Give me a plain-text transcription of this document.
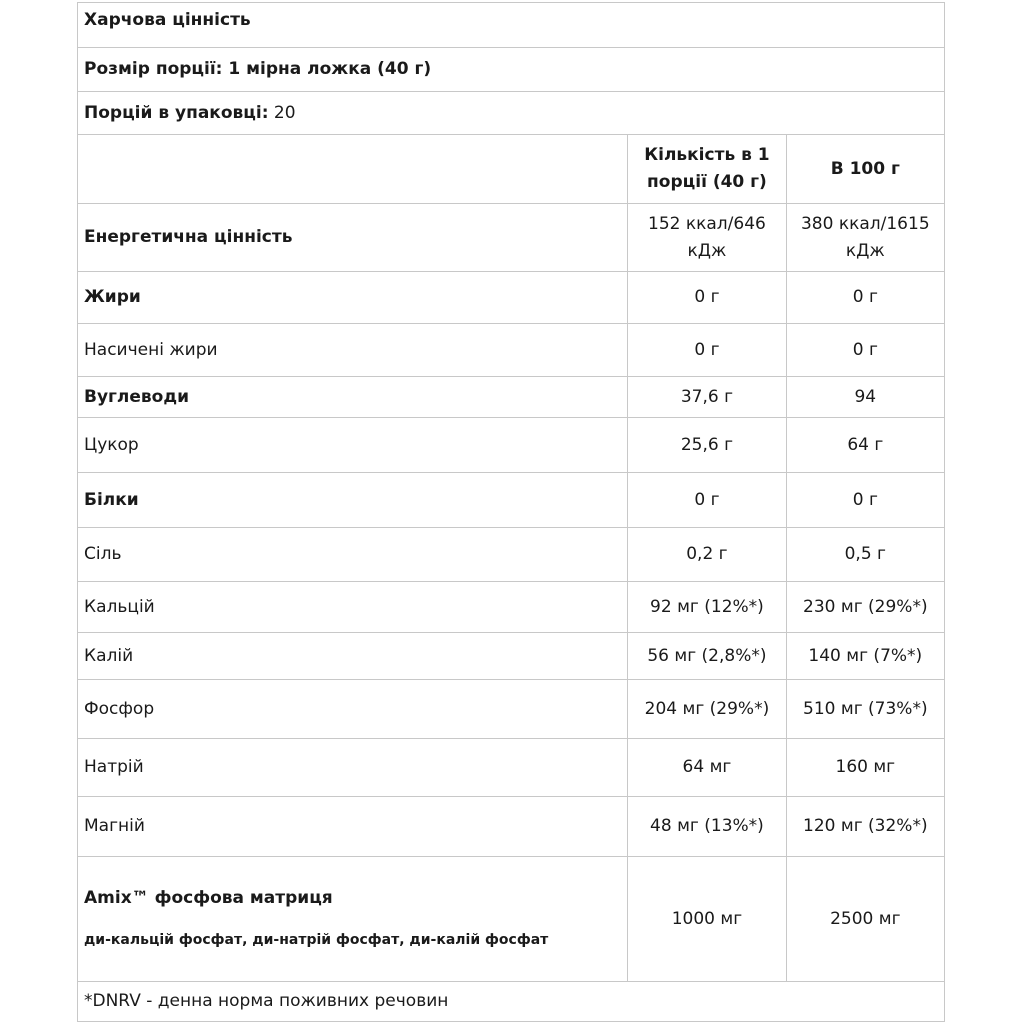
Харчова цінність		
Розмір порції: 1 мірна ложка (40 г)		
Порцій в упаковці: 20		
	Кількість в 1 порції (40 г)	В 100 г
Енергетична цінність	152 ккал/646 кДж	380 ккал/1615 кДж
Жири	0 г	0 г
Насичені жири	0 г	0 г
Вуглеводи	37,6 г	94
Цукор	25,6 г	64 г
Білки	0 г	0 г
Сіль	0,2 г	0,5 г
Кальцій	92 мг (12%*)	230 мг (29%*)
Калій	56 мг (2,8%*)	140 мг (7%*)
Фосфор	204 мг (29%*)	510 мг (73%*)
Натрій	64 мг	160 мг
Магній	48 мг (13%*)	120 мг (32%*)

Amix™ фосфова матриця
ди-кальцій фосфат, ди-натрій фосфат, ди-калій фосфат	1000 мг	2500 мг
*DNRV - денна норма поживних речовин		
